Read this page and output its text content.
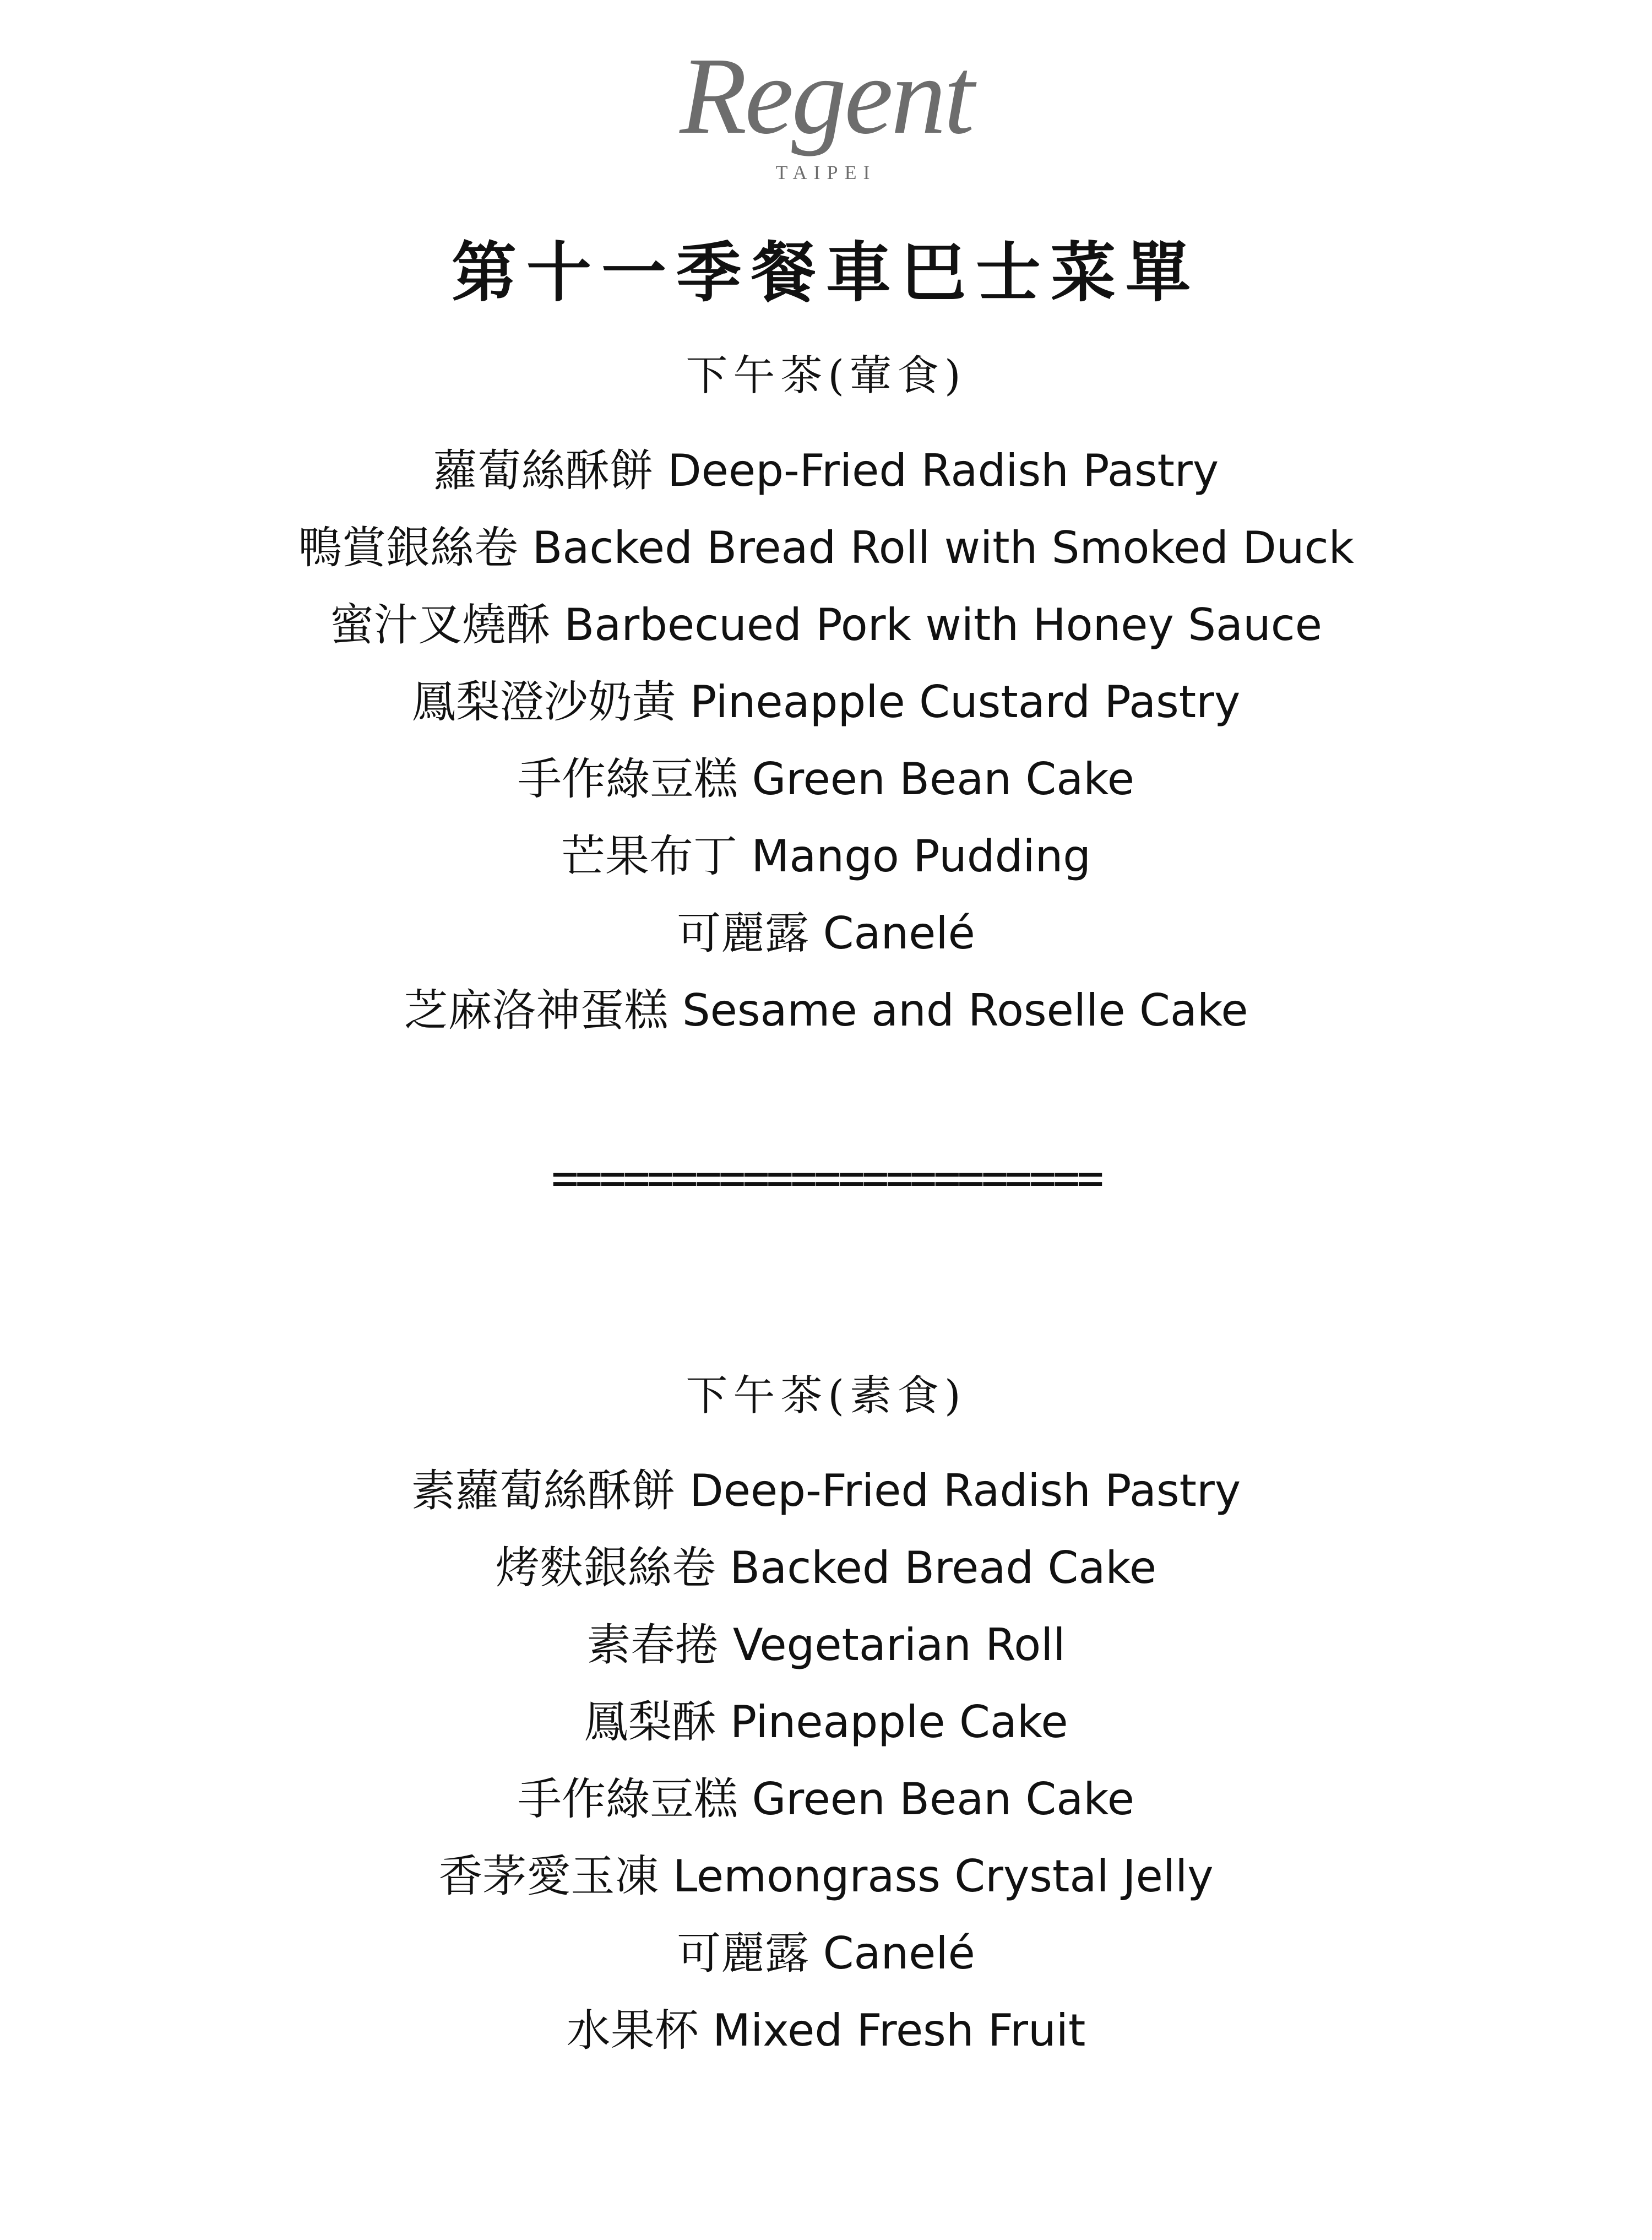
Regent
TAIPEI
第十一季餐車巴士菜單
下午茶(葷食)
蘿蔔絲酥餅 Deep-Fried Radish Pastry
鴨賞銀絲卷 Backed Bread Roll with Smoked Duck
蜜汁叉燒酥 Barbecued Pork with Honey Sauce
鳳梨澄沙奶黃 Pineapple Custard Pastry
手作綠豆糕 Green Bean Cake
芒果布丁 Mango Pudding
可麗露 Canelé
芝麻洛神蛋糕 Sesame and Roselle Cake
=======================
下午茶(素食)
素蘿蔔絲酥餅 Deep-Fried Radish Pastry
烤麩銀絲卷 Backed Bread Cake
素春捲 Vegetarian Roll
鳳梨酥 Pineapple Cake
手作綠豆糕 Green Bean Cake
香茅愛玉凍 Lemongrass Crystal Jelly
可麗露 Canelé
水果杯 Mixed Fresh Fruit
